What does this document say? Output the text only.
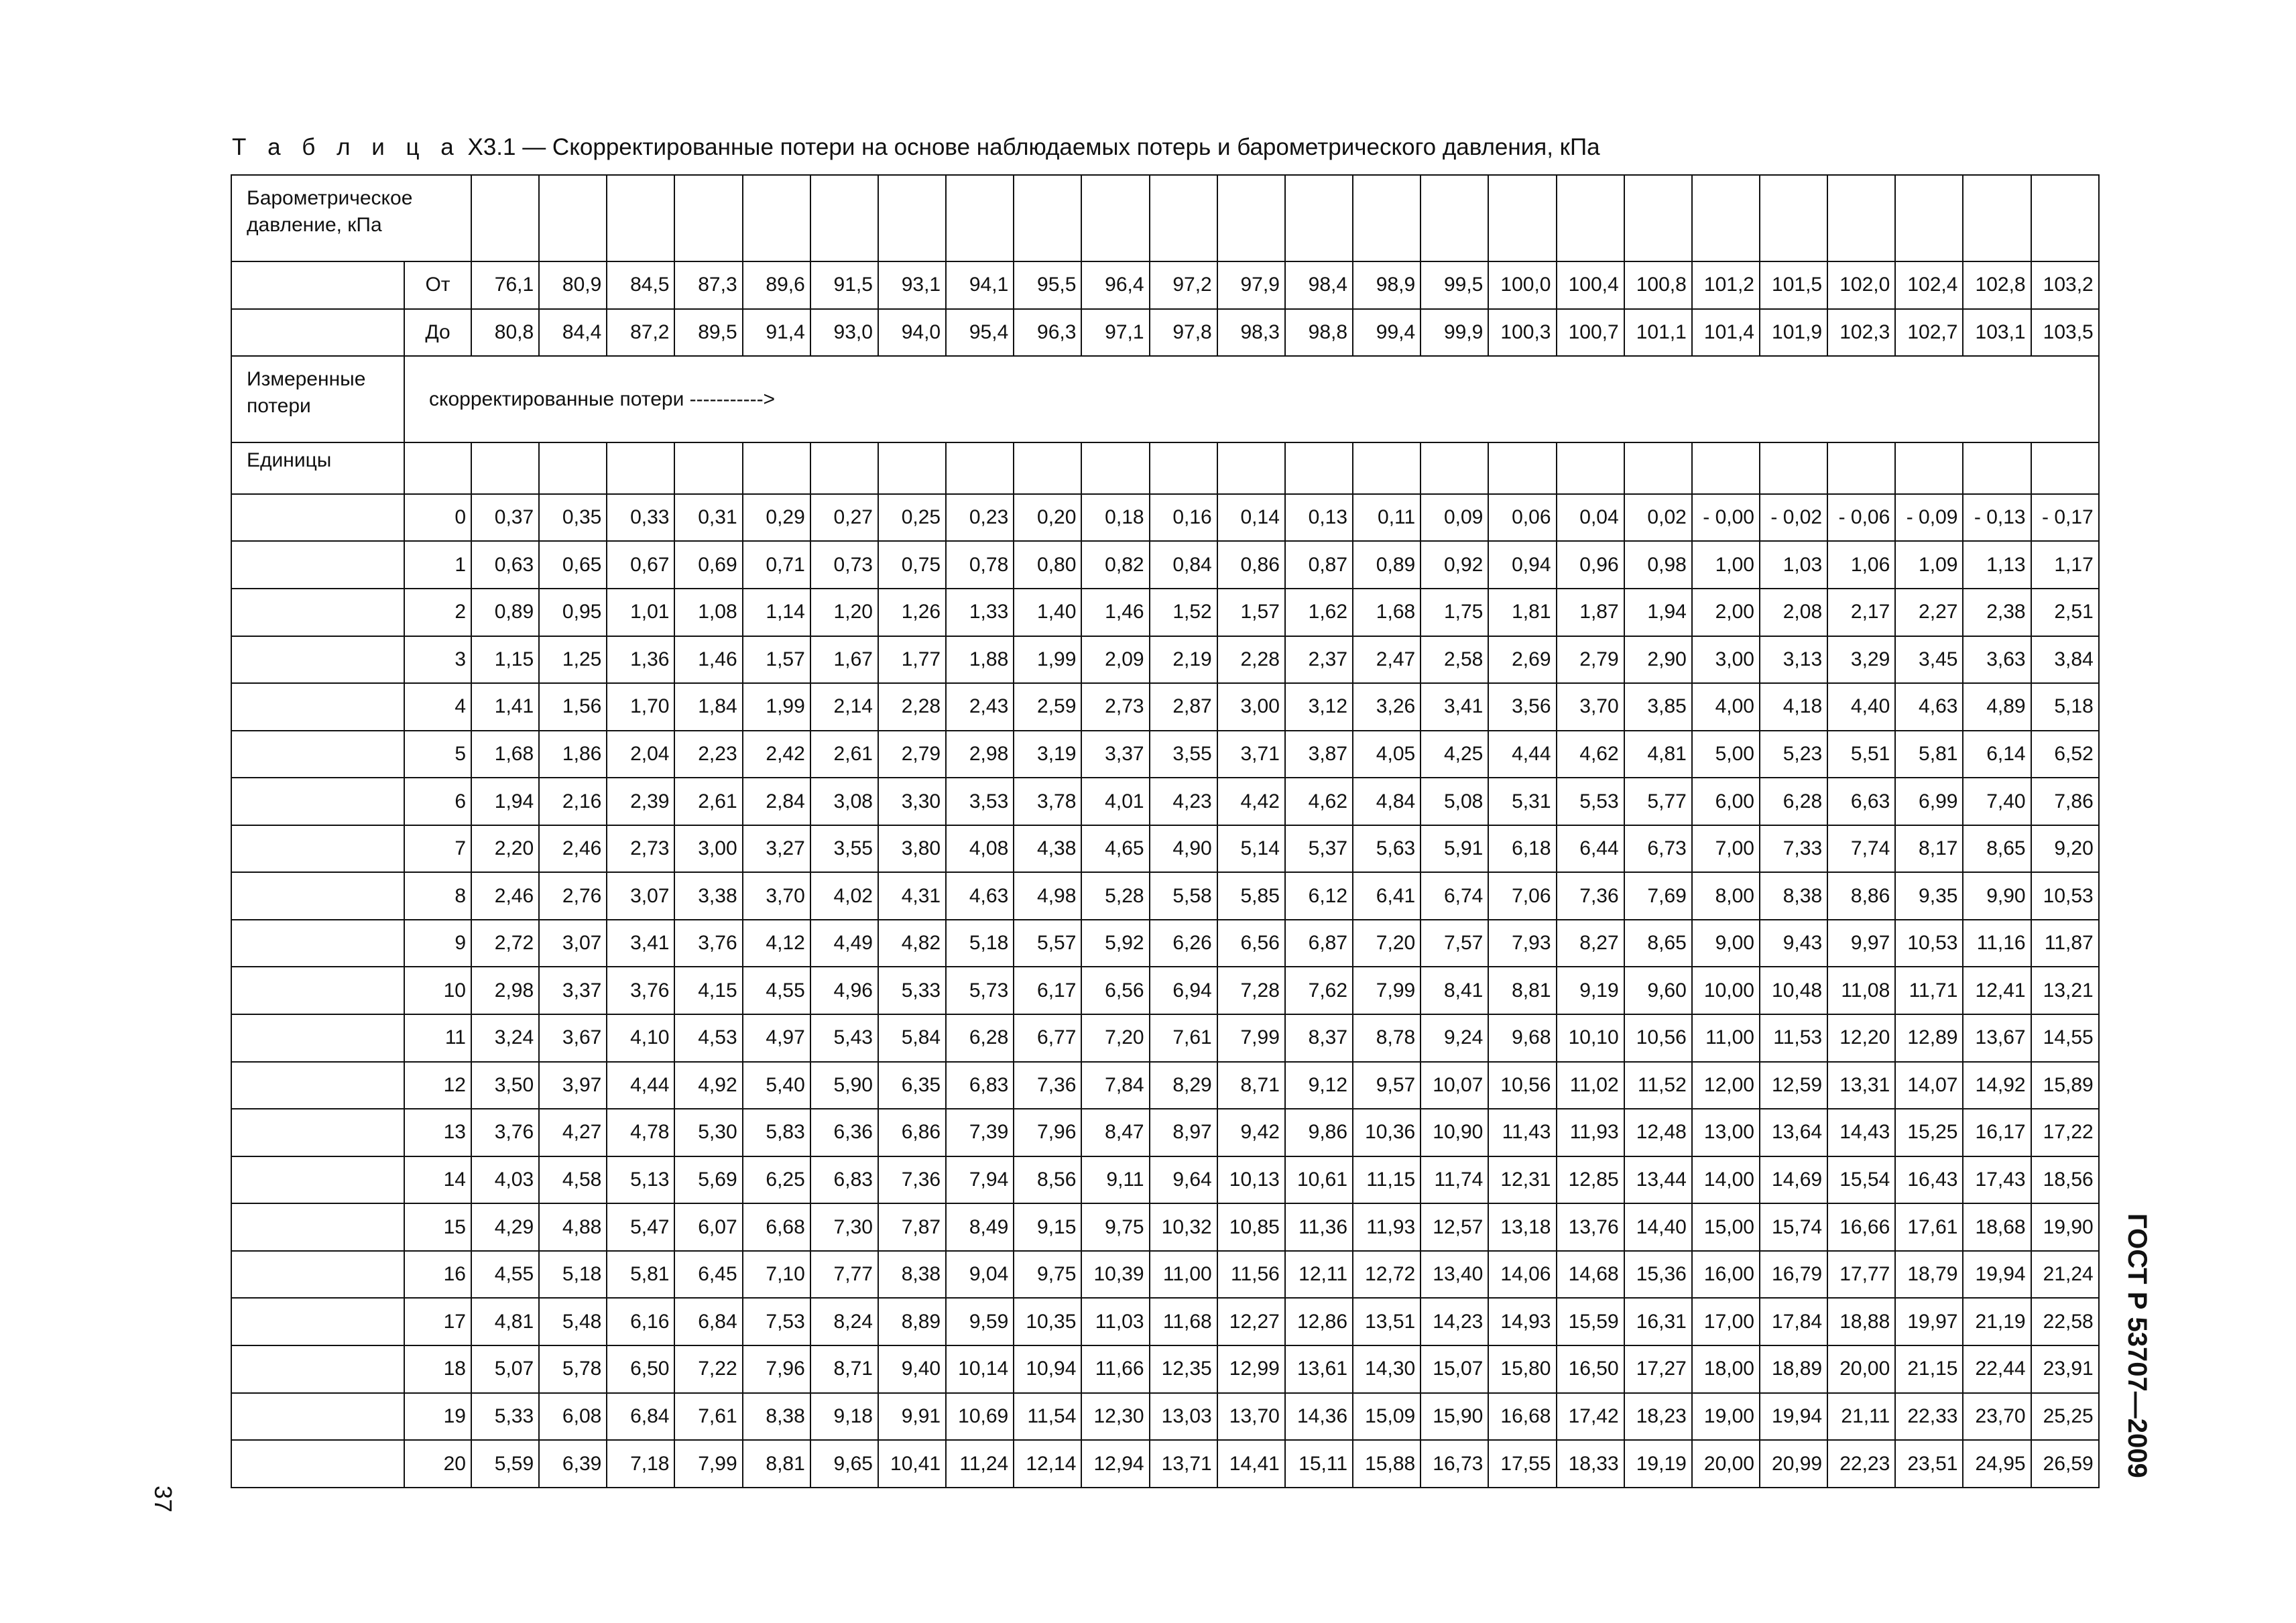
Т а б л и ц а Х3.1 — Скорректированные потери на основе наблюдаемых потерь и барометрического давления, кПа
Барометрическое давление, кПа																									
	От	76,1	80,9	84,5	87,3	89,6	91,5	93,1	94,1	95,5	96,4	97,2	97,9	98,4	98,9	99,5	100,0	100,4	100,8	101,2	101,5	102,0	102,4	102,8	103,2
	До	80,8	84,4	87,2	89,5	91,4	93,0	94,0	95,4	96,3	97,1	97,8	98,3	98,8	99,4	99,9	100,3	100,7	101,1	101,4	101,9	102,3	102,7	103,1	103,5
Измеренные потери	скорректированные потери ----------->																								
Единицы																									
	0	0,37	0,35	0,33	0,31	0,29	0,27	0,25	0,23	0,20	0,18	0,16	0,14	0,13	0,11	0,09	0,06	0,04	0,02	- 0,00	- 0,02	- 0,06	- 0,09	- 0,13	- 0,17
	1	0,63	0,65	0,67	0,69	0,71	0,73	0,75	0,78	0,80	0,82	0,84	0,86	0,87	0,89	0,92	0,94	0,96	0,98	1,00	1,03	1,06	1,09	1,13	1,17
	2	0,89	0,95	1,01	1,08	1,14	1,20	1,26	1,33	1,40	1,46	1,52	1,57	1,62	1,68	1,75	1,81	1,87	1,94	2,00	2,08	2,17	2,27	2,38	2,51
	3	1,15	1,25	1,36	1,46	1,57	1,67	1,77	1,88	1,99	2,09	2,19	2,28	2,37	2,47	2,58	2,69	2,79	2,90	3,00	3,13	3,29	3,45	3,63	3,84
	4	1,41	1,56	1,70	1,84	1,99	2,14	2,28	2,43	2,59	2,73	2,87	3,00	3,12	3,26	3,41	3,56	3,70	3,85	4,00	4,18	4,40	4,63	4,89	5,18
	5	1,68	1,86	2,04	2,23	2,42	2,61	2,79	2,98	3,19	3,37	3,55	3,71	3,87	4,05	4,25	4,44	4,62	4,81	5,00	5,23	5,51	5,81	6,14	6,52
	6	1,94	2,16	2,39	2,61	2,84	3,08	3,30	3,53	3,78	4,01	4,23	4,42	4,62	4,84	5,08	5,31	5,53	5,77	6,00	6,28	6,63	6,99	7,40	7,86
	7	2,20	2,46	2,73	3,00	3,27	3,55	3,80	4,08	4,38	4,65	4,90	5,14	5,37	5,63	5,91	6,18	6,44	6,73	7,00	7,33	7,74	8,17	8,65	9,20
	8	2,46	2,76	3,07	3,38	3,70	4,02	4,31	4,63	4,98	5,28	5,58	5,85	6,12	6,41	6,74	7,06	7,36	7,69	8,00	8,38	8,86	9,35	9,90	10,53
	9	2,72	3,07	3,41	3,76	4,12	4,49	4,82	5,18	5,57	5,92	6,26	6,56	6,87	7,20	7,57	7,93	8,27	8,65	9,00	9,43	9,97	10,53	11,16	11,87
	10	2,98	3,37	3,76	4,15	4,55	4,96	5,33	5,73	6,17	6,56	6,94	7,28	7,62	7,99	8,41	8,81	9,19	9,60	10,00	10,48	11,08	11,71	12,41	13,21
	11	3,24	3,67	4,10	4,53	4,97	5,43	5,84	6,28	6,77	7,20	7,61	7,99	8,37	8,78	9,24	9,68	10,10	10,56	11,00	11,53	12,20	12,89	13,67	14,55
	12	3,50	3,97	4,44	4,92	5,40	5,90	6,35	6,83	7,36	7,84	8,29	8,71	9,12	9,57	10,07	10,56	11,02	11,52	12,00	12,59	13,31	14,07	14,92	15,89
	13	3,76	4,27	4,78	5,30	5,83	6,36	6,86	7,39	7,96	8,47	8,97	9,42	9,86	10,36	10,90	11,43	11,93	12,48	13,00	13,64	14,43	15,25	16,17	17,22
	14	4,03	4,58	5,13	5,69	6,25	6,83	7,36	7,94	8,56	9,11	9,64	10,13	10,61	11,15	11,74	12,31	12,85	13,44	14,00	14,69	15,54	16,43	17,43	18,56
	15	4,29	4,88	5,47	6,07	6,68	7,30	7,87	8,49	9,15	9,75	10,32	10,85	11,36	11,93	12,57	13,18	13,76	14,40	15,00	15,74	16,66	17,61	18,68	19,90
	16	4,55	5,18	5,81	6,45	7,10	7,77	8,38	9,04	9,75	10,39	11,00	11,56	12,11	12,72	13,40	14,06	14,68	15,36	16,00	16,79	17,77	18,79	19,94	21,24
	17	4,81	5,48	6,16	6,84	7,53	8,24	8,89	9,59	10,35	11,03	11,68	12,27	12,86	13,51	14,23	14,93	15,59	16,31	17,00	17,84	18,88	19,97	21,19	22,58
	18	5,07	5,78	6,50	7,22	7,96	8,71	9,40	10,14	10,94	11,66	12,35	12,99	13,61	14,30	15,07	15,80	16,50	17,27	18,00	18,89	20,00	21,15	22,44	23,91
	19	5,33	6,08	6,84	7,61	8,38	9,18	9,91	10,69	11,54	12,30	13,03	13,70	14,36	15,09	15,90	16,68	17,42	18,23	19,00	19,94	21,11	22,33	23,70	25,25
	20	5,59	6,39	7,18	7,99	8,81	9,65	10,41	11,24	12,14	12,94	13,71	14,41	15,11	15,88	16,73	17,55	18,33	19,19	20,00	20,99	22,23	23,51	24,95	26,59 ГОСТ Р 53707—2009
37
